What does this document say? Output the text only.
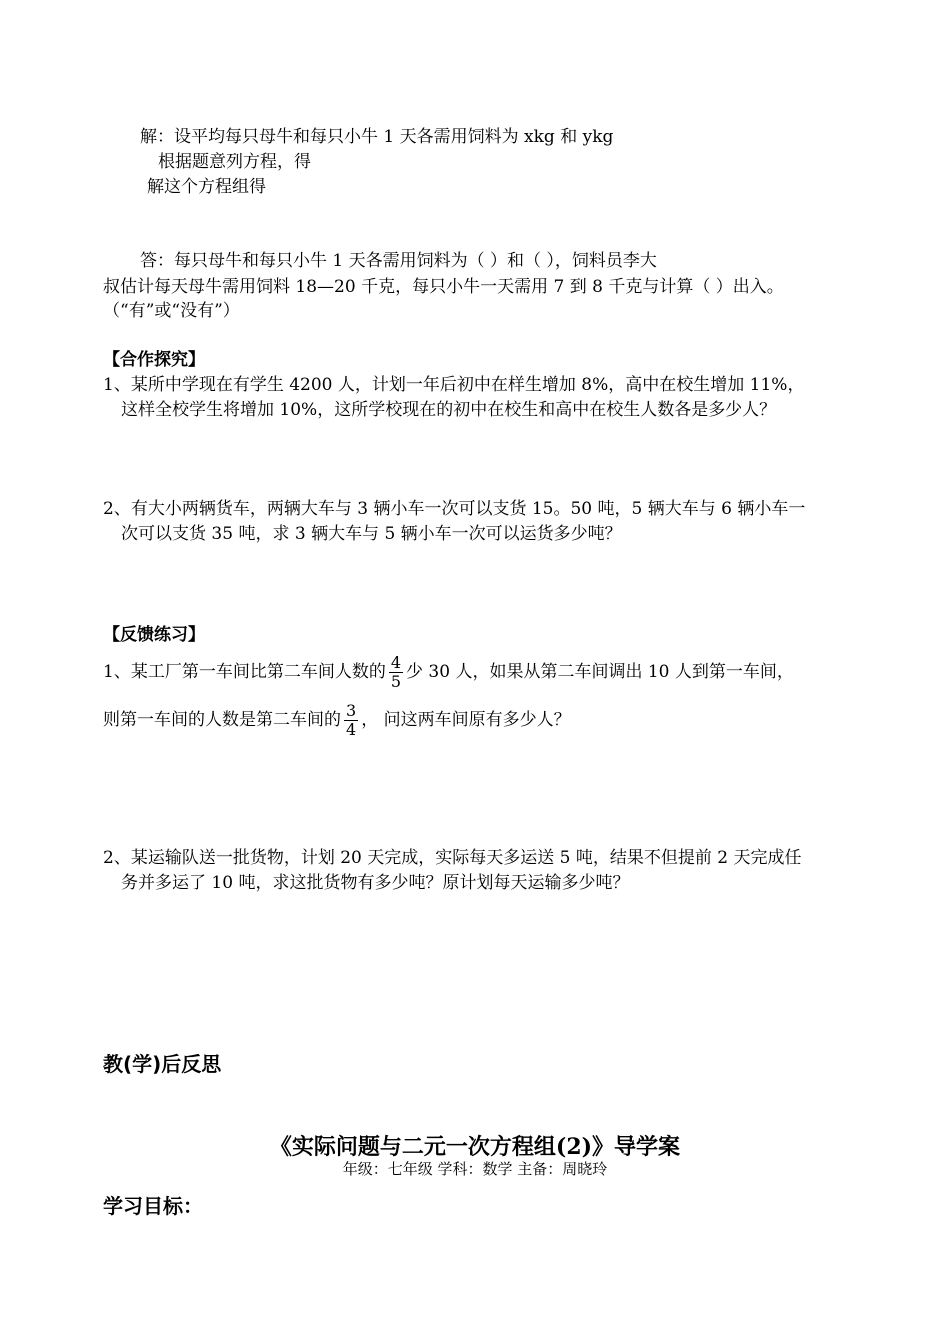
解：设平均每只母牛和每只小牛 1 天各需用饲料为 xkg 和 ykg
根据题意列方程，得
解这个方程组得
答：每只母牛和每只小牛 1 天各需用饲料为（ ）和（ ），饲料员李大
叔估计每天母牛需用饲料 18—20 千克，每只小牛一天需用 7 到 8 千克与计算（ ）出入。
（“有”或“没有”）
【合作探究】
1、某所中学现在有学生 4200 人，计划一年后初中在样生增加 8%，高中在校生增加 11%，
这样全校学生将增加 10%，这所学校现在的初中在校生和高中在校生人数各是多少人？
2、有大小两辆货车，两辆大车与 3 辆小车一次可以支货 15。50 吨，5 辆大车与 6 辆小车一
次可以支货 35 吨，求 3 辆大车与 5 辆小车一次可以运货多少吨？
【反馈练习】
1、某工厂第一车间比第二车间人数的 $\frac{4}{5}$ 少 30 人，如果从第二车间调出 10 人到第一车间，
则第一车间的人数是第二车间的 $\frac{3}{4}$ ， 问这两车间原有多少人？
2、某运输队送一批货物，计划 20 天完成，实际每天多运送 5 吨，结果不但提前 2 天完成任
务并多运了 10 吨，求这批货物有多少吨？原计划每天运输多少吨？
教(学)后反思
《实际问题与二元一次方程组(2)》导学案
年级：七年级 学科：数学 主备：周晓玲
学习目标：
